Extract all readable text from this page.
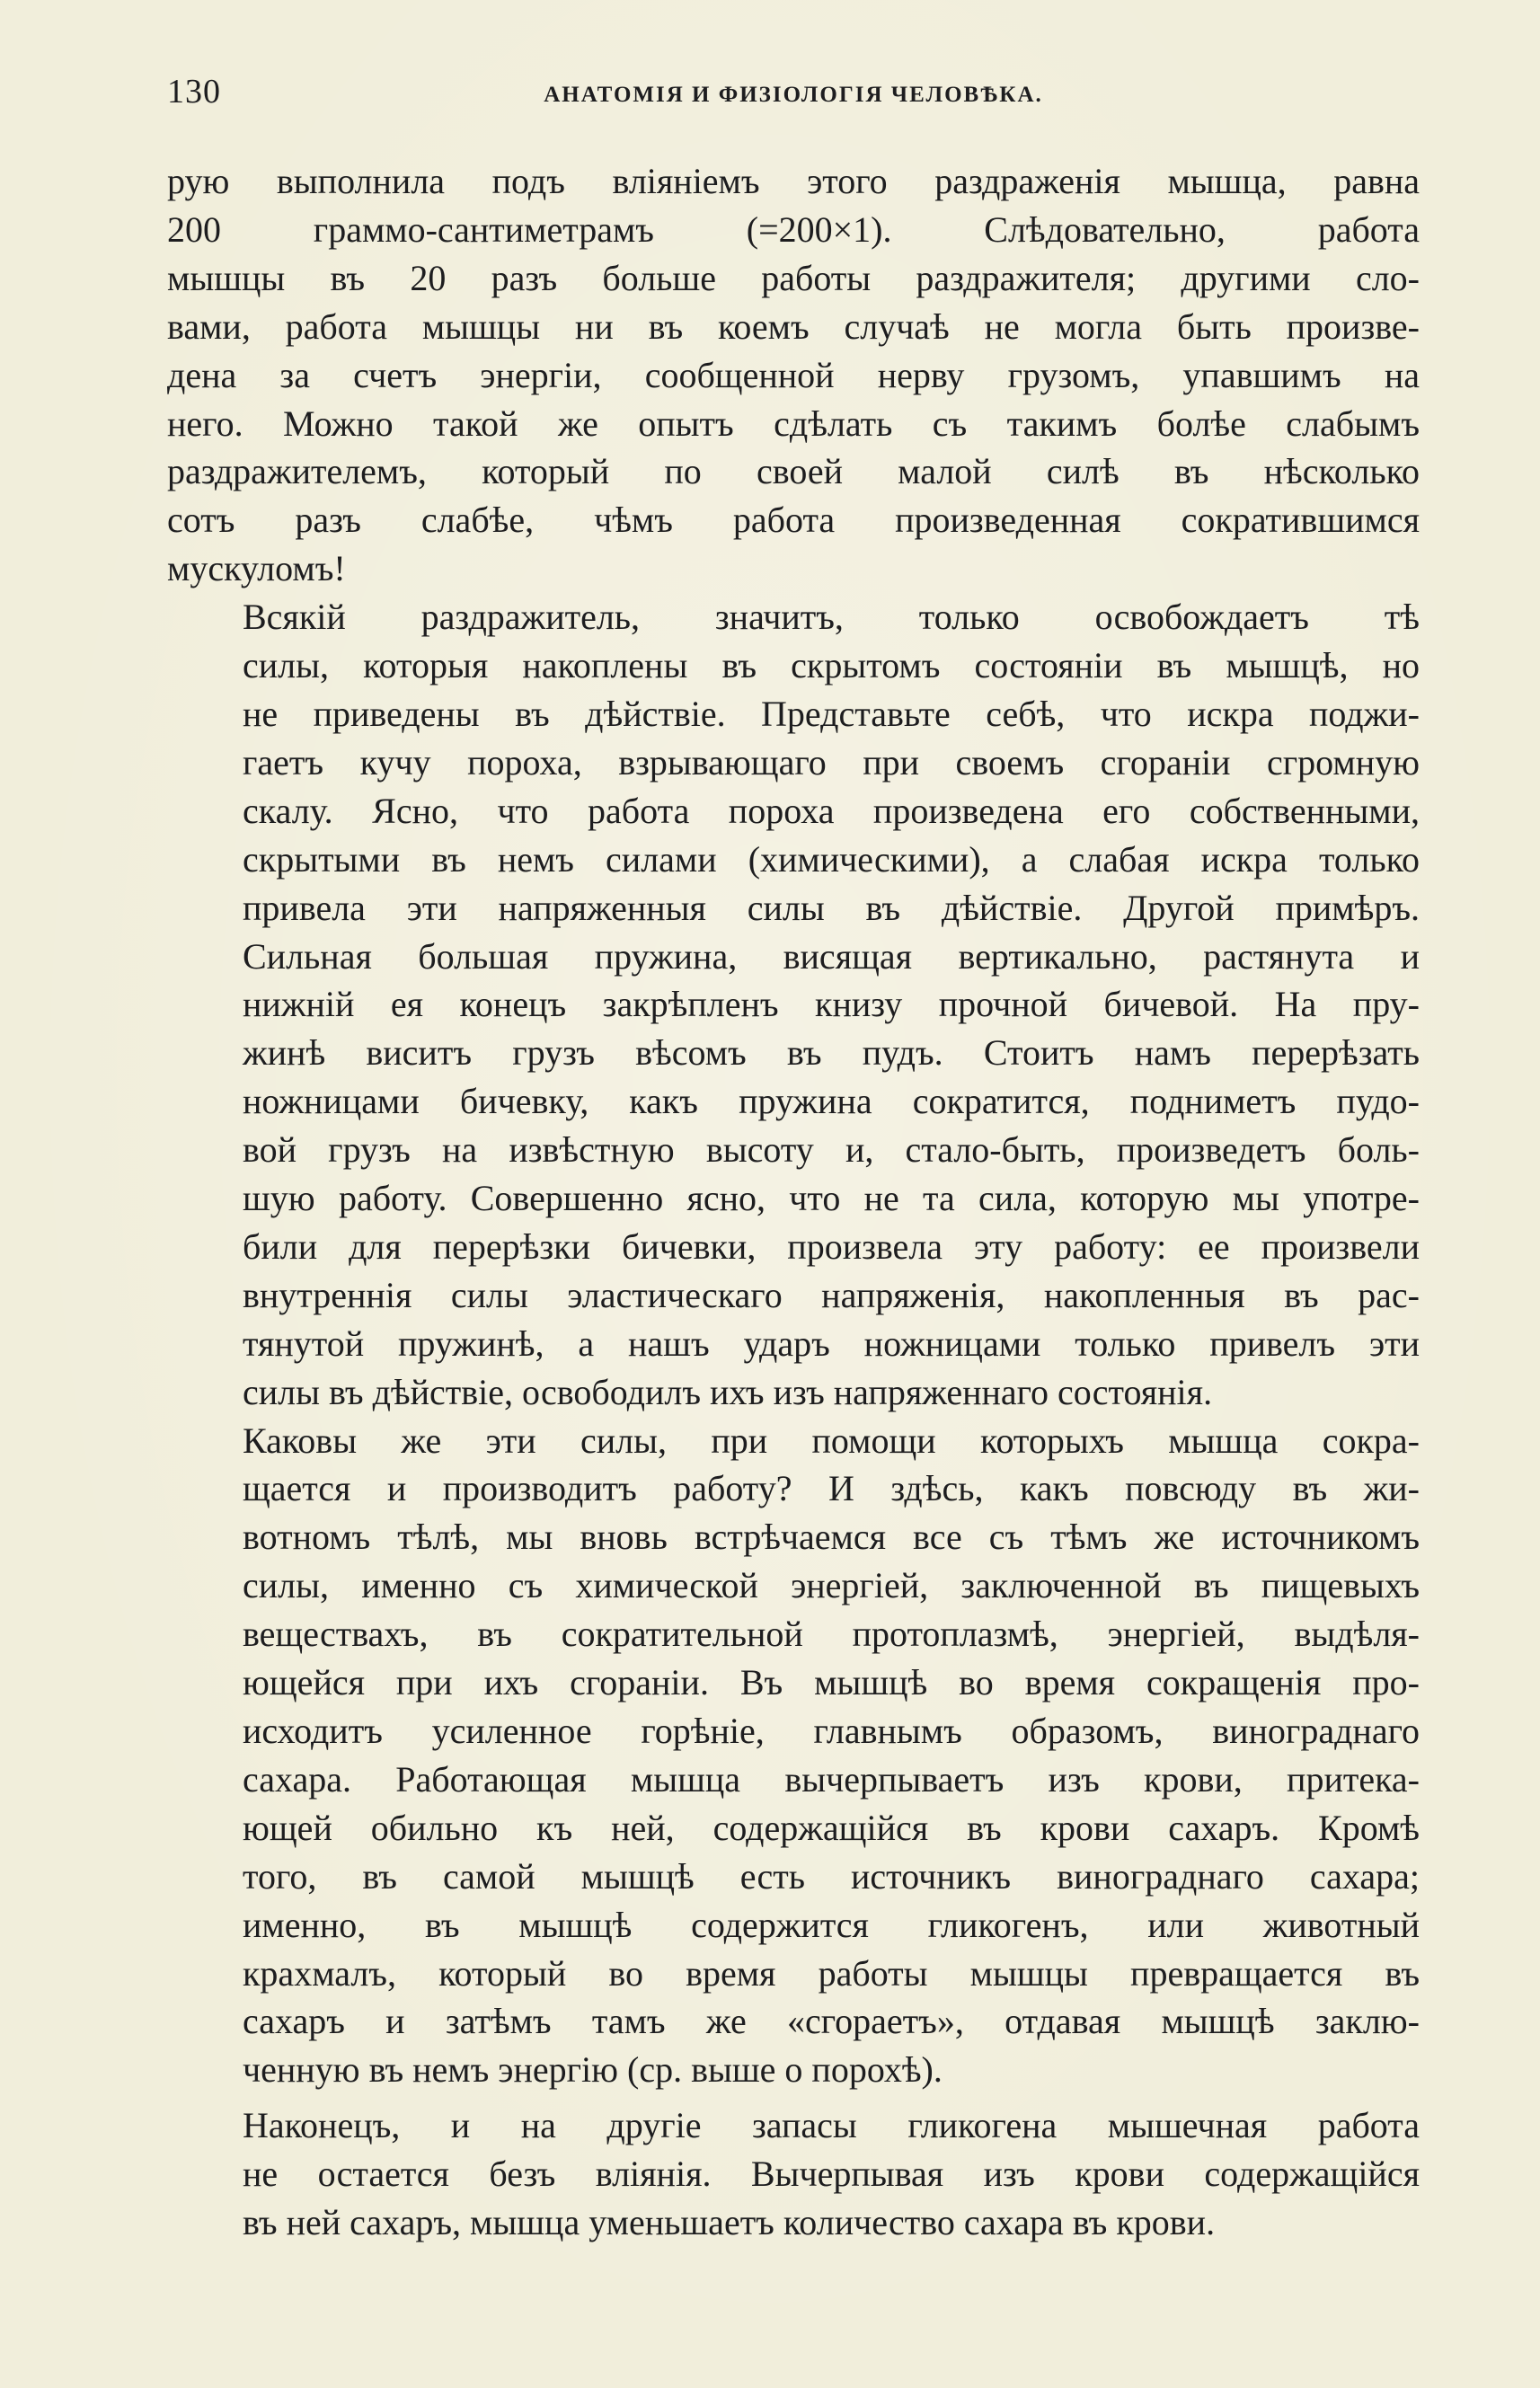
130	АНАТОМІЯ И ФИЗІОЛОГІЯ ЧЕЛОВѢКА.

рую выполнила подъ вліяніемъ этого раздраженія мышца, равна
200 граммо-сантиметрамъ (=200×1). Слѣдовательно, работа
мышцы въ 20 разъ больше работы раздражителя; другими сло-
вами, работа мышцы ни въ коемъ случаѣ не могла быть произве-
дена за счетъ энергіи, сообщенной нерву грузомъ, упавшимъ на
него. Можно такой же опытъ сдѣлать съ такимъ болѣе слабымъ
раздражителемъ, который по своей малой силѣ въ нѣсколько
сотъ разъ слабѣе, чѣмъ работа произведенная сократившимся
мускуломъ!

Всякій раздражитель, значитъ, только освобождаетъ тѣ
силы, которыя накоплены въ скрытомъ состояніи въ мышцѣ, но
не приведены въ дѣйствіе. Представьте себѣ, что искра поджи-
гаетъ кучу пороха, взрывающаго при своемъ сгораніи сгромную
скалу. Ясно, что работа пороха произведена его собственными,
скрытыми въ немъ силами (химическими), а слабая искра только
привела эти напряженныя силы въ дѣйствіе. Другой примѣръ.
Сильная большая пружина, висящая вертикально, растянута и
нижній ея конецъ закрѣпленъ книзу прочной бичевой. На пру-
жинѣ виситъ грузъ вѣсомъ въ пудъ. Стоитъ намъ перерѣзать
ножницами бичевку, какъ пружина сократится, подниметъ пудо-
вой грузъ на извѣстную высоту и, стало-быть, произведетъ боль-
шую работу. Совершенно ясно, что не та сила, которую мы употре-
били для перерѣзки бичевки, произвела эту работу: ее произвели
внутреннія силы эластическаго напряженія, накопленныя въ рас-
тянутой пружинѣ, а нашъ ударъ ножницами только привелъ эти
силы въ дѣйствіе, освободилъ ихъ изъ напряженнаго состоянія.

Каковы же эти силы, при помощи которыхъ мышца сокра-
щается и производитъ работу? И здѣсь, какъ повсюду въ жи-
вотномъ тѣлѣ, мы вновь встрѣчаемся все съ тѣмъ же источникомъ
силы, именно съ химической энергіей, заключенной въ пищевыхъ
веществахъ, въ сократительной протоплазмѣ, энергіей, выдѣля-
ющейся при ихъ сгораніи. Въ мышцѣ во время сокращенія про-
исходитъ усиленное горѣніе, главнымъ образомъ, винограднаго
сахара. Работающая мышца вычерпываетъ изъ крови, притека-
ющей обильно къ ней, содержащійся въ крови сахаръ. Кромѣ
того, въ самой мышцѣ есть источникъ винограднаго сахара;
именно, въ мышцѣ содержится гликогенъ, или животный
крахмалъ, который во время работы мышцы превращается въ
сахаръ и затѣмъ тамъ же «сгораетъ», отдавая мышцѣ заклю-
ченную въ немъ энергію (ср. выше о порохѣ).

Наконецъ, и на другіе запасы гликогена мышечная работа
не остается безъ вліянія. Вычерпывая изъ крови содержащійся
въ ней сахаръ, мышца уменьшаетъ количество сахара въ крови.
